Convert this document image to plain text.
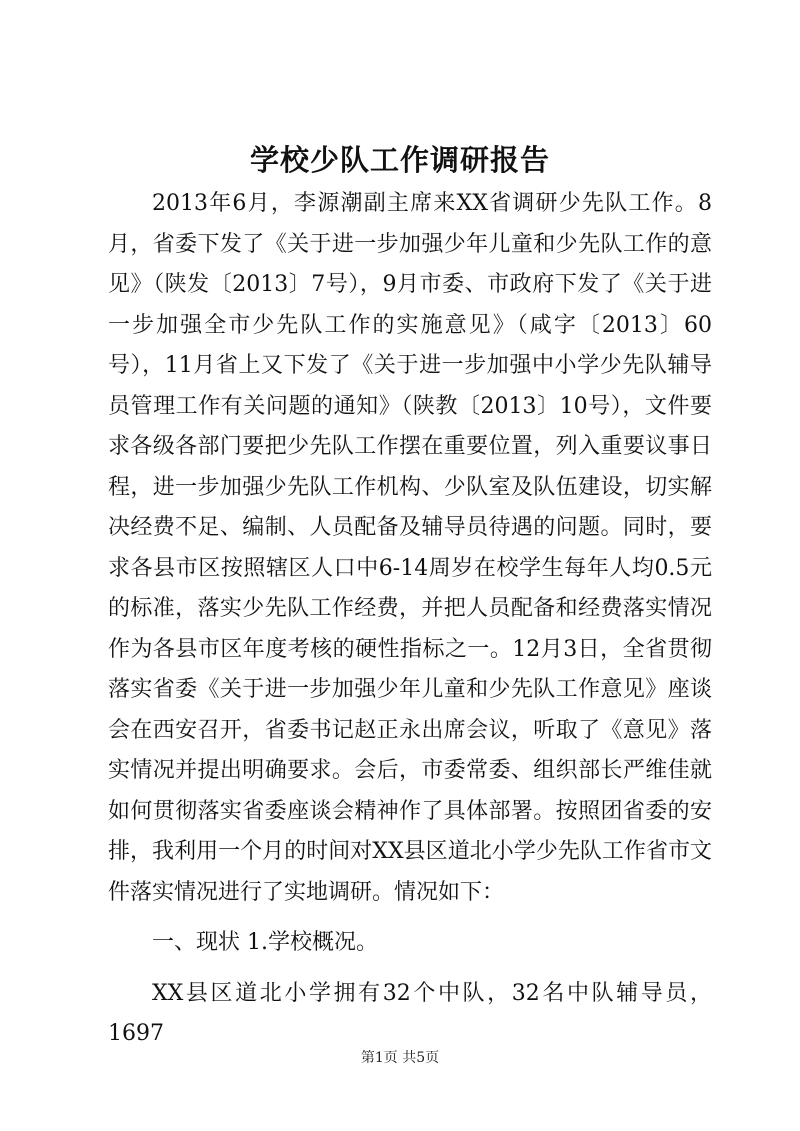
学校少队工作调研报告

2013年6月，李源潮副主席来XX省调研少先队工作。8月，省委下发了《关于进一步加强少年儿童和少先队工作的意见》（陕发〔2013〕7号），9月市委、市政府下发了《关于进一步加强全市少先队工作的实施意见》（咸字〔2013〕60号），11月省上又下发了《关于进一步加强中小学少先队辅导员管理工作有关问题的通知》（陕教〔2013〕10号），文件要求各级各部门要把少先队工作摆在重要位置，列入重要议事日程，进一步加强少先队工作机构、少队室及队伍建设，切实解决经费不足、编制、人员配备及辅导员待遇的问题。同时，要求各县市区按照辖区人口中6-14周岁在校学生每年人均0.5元的标准，落实少先队工作经费，并把人员配备和经费落实情况作为各县市区年度考核的硬性指标之一。12月3日，全省贯彻落实省委《关于进一步加强少年儿童和少先队工作意见》座谈会在西安召开，省委书记赵正永出席会议，听取了《意见》落实情况并提出明确要求。会后，市委常委、组织部长严维佳就如何贯彻落实省委座谈会精神作了具体部署。按照团省委的安排，我利用一个月的时间对XX县区道北小学少先队工作省市文件落实情况进行了实地调研。情况如下：

一、现状 1.学校概况。

XX县区道北小学拥有32个中队，32名中队辅导员，1697

第1页 共5页
